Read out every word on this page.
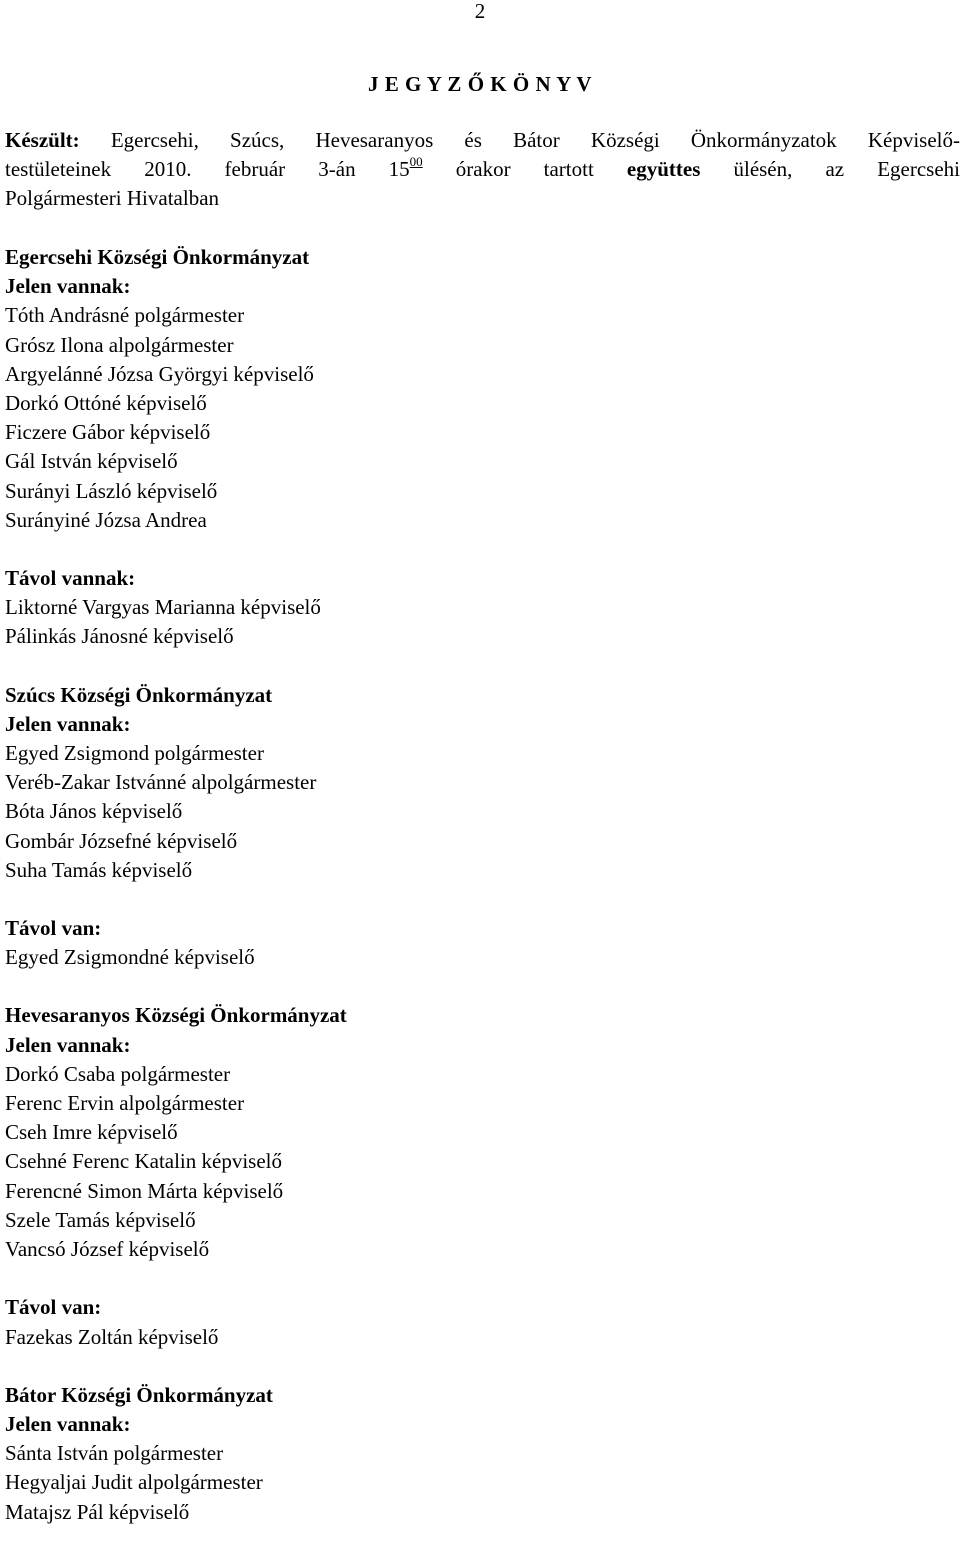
2
J E G Y Z Ő K Ö N Y V
Készült: Egercsehi, Szúcs, Hevesaranyos és Bátor Községi Önkormányzatok Képviselő-
testületeinek 2010. február 3-án $15^{00}$ órakor tartott együttes ülésén, az Egercsehi
Polgármesteri Hivatalban
Egercsehi Községi Önkormányzat
Jelen vannak:
Tóth Andrásné polgármester
Grósz Ilona alpolgármester
Argyelánné Józsa Györgyi képviselő
Dorkó Ottóné képviselő
Ficzere Gábor képviselő
Gál István képviselő
Surányi László képviselő
Surányiné Józsa Andrea
Távol vannak:
Liktorné Vargyas Marianna képviselő
Pálinkás Jánosné képviselő
Szúcs Községi Önkormányzat
Jelen vannak:
Egyed Zsigmond polgármester
Veréb-Zakar Istvánné alpolgármester
Bóta János képviselő
Gombár Józsefné képviselő
Suha Tamás képviselő
Távol van:
Egyed Zsigmondné képviselő
Hevesaranyos Községi Önkormányzat
Jelen vannak:
Dorkó Csaba polgármester
Ferenc Ervin alpolgármester
Cseh Imre képviselő
Csehné Ferenc Katalin képviselő
Ferencné Simon Márta képviselő
Szele Tamás képviselő
Vancsó József képviselő
Távol van:
Fazekas Zoltán képviselő
Bátor Községi Önkormányzat
Jelen vannak:
Sánta István polgármester
Hegyaljai Judit alpolgármester
Matajsz Pál képviselő
